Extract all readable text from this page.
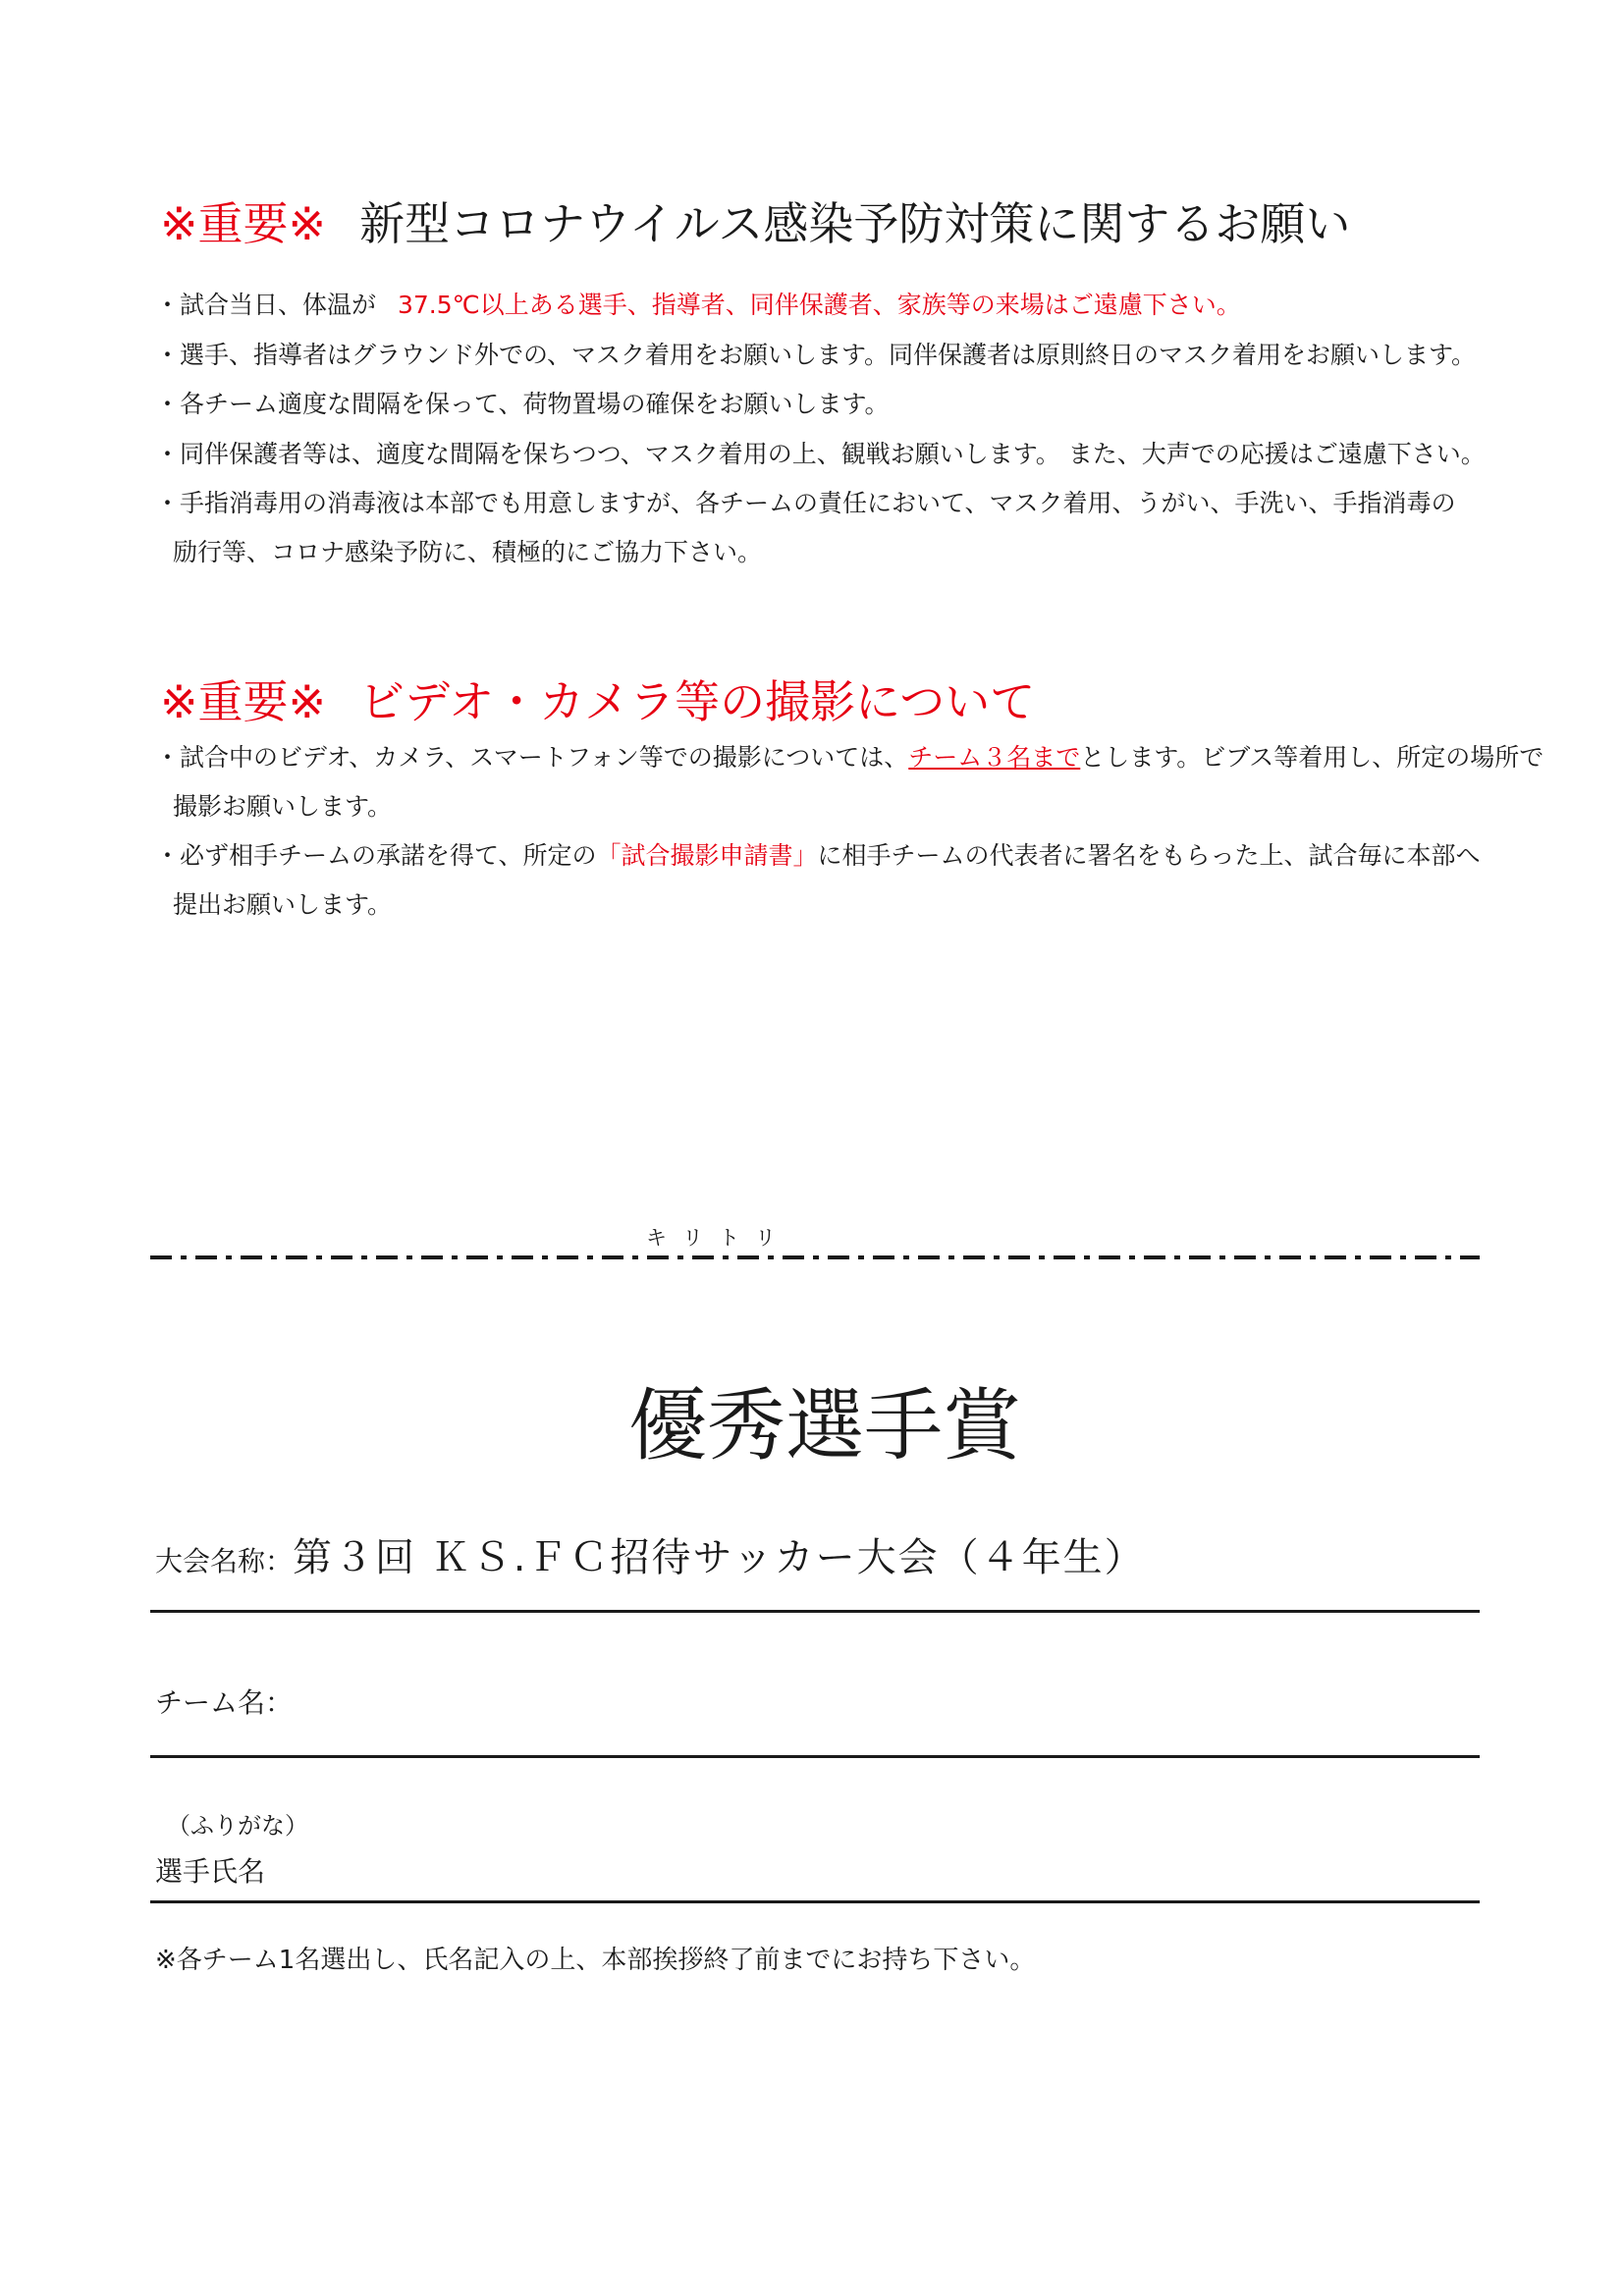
※重要※ 新型コロナウイルス感染予防対策に関するお願い
・試合当日、体温が 37.5℃以上ある選手、指導者、同伴保護者、家族等の来場はご遠慮下さい。
・選手、指導者はグラウンド外での、マスク着用をお願いします。同伴保護者は原則終日のマスク着用をお願いします。
・各チーム適度な間隔を保って、荷物置場の確保をお願いします。
・同伴保護者等は、適度な間隔を保ちつつ、マスク着用の上、観戦お願いします。 また、大声での応援はご遠慮下さい。
・手指消毒用の消毒液は本部でも用意しますが、各チームの責任において、マスク着用、うがい、手洗い、手指消毒の
励行等、コロナ感染予防に、積極的にご協力下さい。
※重要※ ビデオ・カメラ等の撮影について
・試合中のビデオ、カメラ、スマートフォン等での撮影については、チーム３名までとします。ビブス等着用し、所定の場所で
撮影お願いします。
・必ず相手チームの承諾を得て、所定の「試合撮影申請書」に相手チームの代表者に署名をもらった上、試合毎に本部へ
提出お願いします。
キリトリ
優秀選手賞
大会名称：第３回 ＫＳ.ＦＣ招待サッカー大会（４年生）
チーム名：
（ふりがな）
選手氏名
※各チーム1名選出し、氏名記入の上、本部挨拶終了前までにお持ち下さい。
